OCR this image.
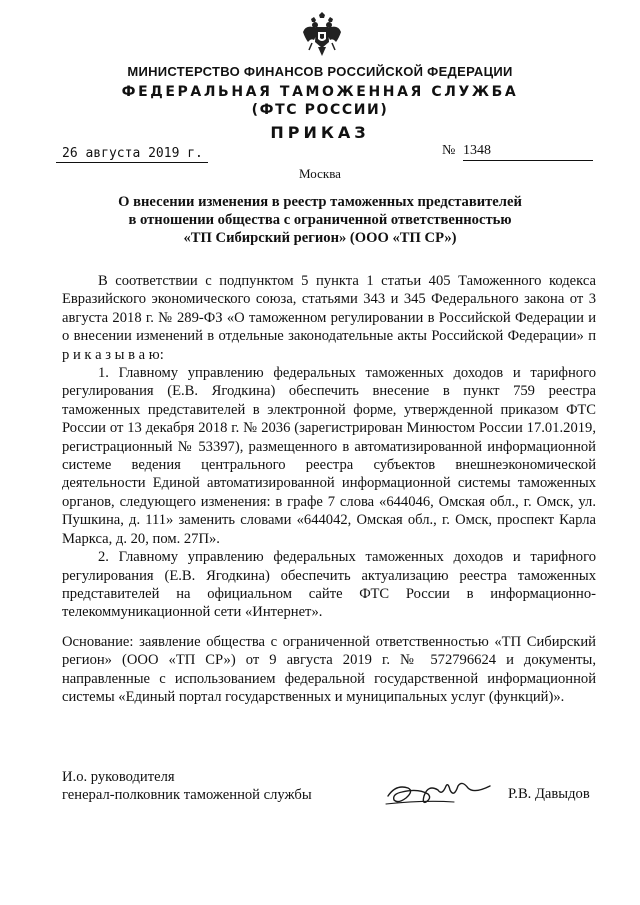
МИНИСТЕРСТВО ФИНАНСОВ РОССИЙСКОЙ ФЕДЕРАЦИИ
ФЕДЕРАЛЬНАЯ ТАМОЖЕННАЯ СЛУЖБА
(ФТС РОССИИ)
ПРИКАЗ
26 августа 2019 г.	№ 1348
Москва
О внесении изменения в реестр таможенных представителей
в отношении общества с ограниченной ответственностью
«ТП Сибирский регион» (ООО «ТП СР»)

В соответствии с подпунктом 5 пункта 1 статьи 405 Таможенного кодекса Евразийского экономического союза, статьями 343 и 345 Федерального закона от 3 августа 2018 г. № 289-ФЗ «О таможенном регулировании в Российской Федерации и о внесении изменений в отдельные законодательные акты Российской Федерации» п р и к а з ы в а ю:

1. Главному управлению федеральных таможенных доходов и тарифного регулирования (Е.В. Ягодкина) обеспечить внесение в пункт 759 реестра таможенных представителей в электронной форме, утвержденной приказом ФТС России от 13 декабря 2018 г. № 2036 (зарегистрирован Минюстом России 17.01.2019, регистрационный № 53397), размещенного в автоматизированной информационной системе ведения центрального реестра субъектов внешнеэкономической деятельности Единой автоматизированной информационной системы таможенных органов, следующего изменения: в графе 7 слова «644046, Омская обл., г. Омск, ул. Пушкина, д. 111» заменить словами «644042, Омская обл., г. Омск, проспект Карла Маркса, д. 20, пом. 27П».

2. Главному управлению федеральных таможенных доходов и тарифного регулирования (Е.В. Ягодкина) обеспечить актуализацию реестра таможенных представителей на официальном сайте ФТС России в информационно-телекоммуникационной сети «Интернет».

Основание: заявление общества с ограниченной ответственностью «ТП Сибирский регион» (ООО «ТП СР») от 9 августа 2019 г. № 572796624 и документы, направленные с использованием федеральной государственной информационной системы «Единый портал государственных и муниципальных услуг (функций)».

И.о. руководителя
генерал-полковник таможенной службы	Р.В. Давыдов
